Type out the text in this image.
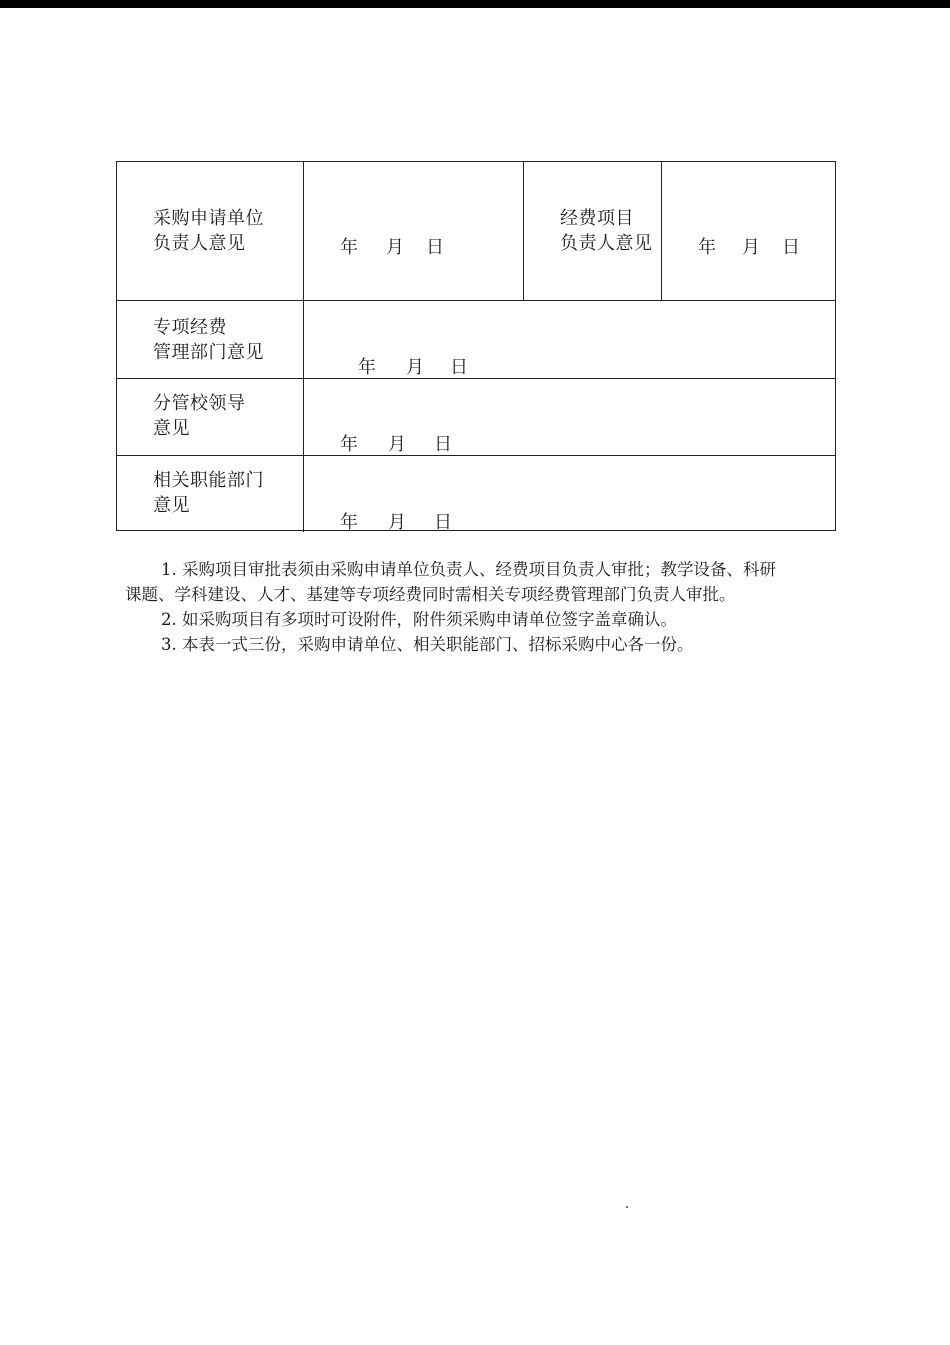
采购申请单位
负责人意见	年 月 日
经费项目
负责人意见	年 月 日
专项经费
管理部门意见
年 月 日
分管校领导
意见
年 月 日
相关职能部门
意见
年 月 日

1. 采购项目审批表须由采购申请单位负责人、经费项目负责人审批；教学设备、科研

课题、学科建设、人才、基建等专项经费同时需相关专项经费管理部门负责人审批。

2. 如采购项目有多项时可设附件，附件须采购申请单位签字盖章确认。

3. 本表一式三份，采购申请单位、相关职能部门、招标采购中心各一份。
